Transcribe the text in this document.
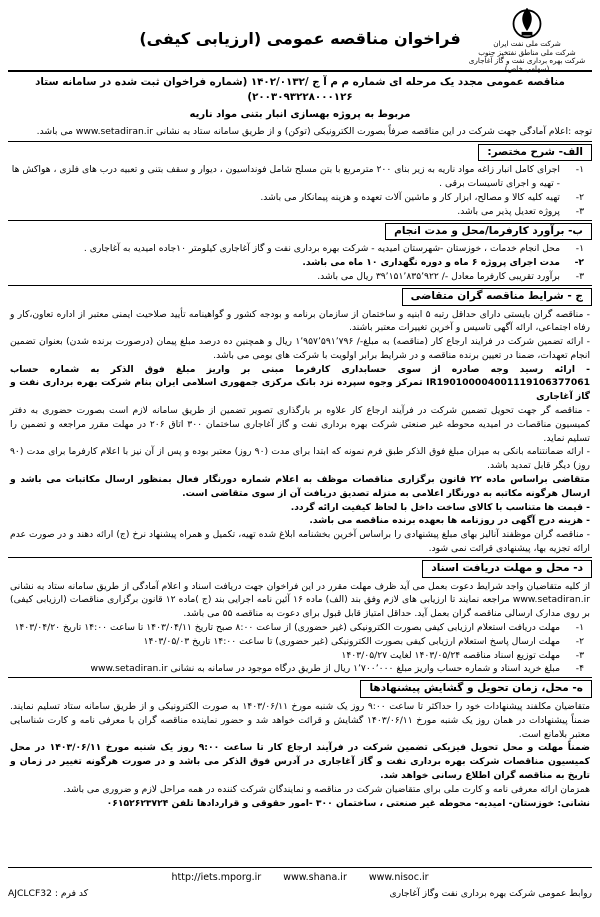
شرکت ملی نفت ایران
شرکت ملی مناطق نفتخیز جنوب
شرکت بهره برداری نفت و گاز آغاجاری (سهامی خاص)
فراخوان مناقصه عمومی (ارزیابی کیفی)
مناقصه عمومی مجدد یک مرحله ای شماره م م آ ج /۱۴۰۲/۰۱۳۲ (شماره فراخوان ثبت شده در سامانه ستاد ۲۰۰۳۰۹۳۲۲۸۰۰۰۱۲۶)
مربوط به پروژه بهسازی انبار بتنی مواد ناریه
توجه :اعلام آمادگی جهت شرکت در این مناقصه صرفاً بصورت الکترونیکی (توکن) و از طریق سامانه ستاد به نشانی www.setadiran.ir می باشد.
الف- شرح مختصر:
۱-
اجرای کامل انبار زاغه مواد ناریه به زیر بنای ۲۰۰ مترمربع با بتن مسلح شامل فونداسیون ، دیوار و سقف بتنی و تعبیه درب های فلزی ، هواکش ها - تهیه و اجرای تاسیسات برقی .
۲-
تهیه کلیه کالا و مصالح، ابزار کار و ماشین آلات تعهده و هزینه پیمانکار می باشد.
۳-
پروژه تعدیل پذیر می باشد.
ب- برآورد کارفرما/محل و مدت انجام
۱-
محل انجام خدمات ، خوزستان -شهرستان امیدیه - شرکت بهره برداری نفت و گاز آغاجاری کیلومتر ۱۰جاده امیدیه به آغاجاری .
۲-
مدت اجرای پروژه ۶ ماه و دوره نگهداری ۱۰ ماه می باشد.
۳-
برآورد تقریبی کارفرما معادل -/ ۳۹٬۱۵۱٬۸۳۵٬۹۲۲ ریال می باشد.
ج - شرایط مناقصه گران متقاضی
- مناقصه گران بایستی دارای حداقل رتبه ۵ ابنیه و ساختمان از سازمان برنامه و بودجه کشور و گواهینامه تأیید صلاحیت ایمنی معتبر از اداره تعاون،کار و رفاه اجتماعی، ارائه آگهی تاسیس و آخرین تغییرات معتبر باشند.
- ارائه تضمین شرکت در فرایند ارجاع کار (مناقصه) به مبلغ-/ ۱٬۹۵۷٬۵۹۱٬۷۹۶ ریال و همچنین ده درصد مبلغ پیمان (درصورت برنده شدن) بعنوان تضمین انجام تعهدات، ضمنا در تعیین برنده مناقصه و در شرایط برابر اولویت با شرکت های بومی می باشد.
- ارائه رسید وجه صادره از سوی حسابداری کارفرما مبنی بر واریز مبلغ فوق الذکر به شماره حساب IR190100004001119106377061 تمرکز وجوه سپرده نزد بانک مرکزی جمهوری اسلامی ایران بنام شرکت بهره برداری نفت و گاز آغاجاری
- مناقصه گر جهت تحویل تضمین شرکت در فرآیند ارجاع کار علاوه بر بارگذاری تصویر تضمین از طریق سامانه لازم است بصورت حضوری به دفتر کمیسیون مناقصات در امیدیه محوطه غیر صنعتی شرکت بهره برداری نفت و گاز آغاجاری ساختمان ۳۰۰ اتاق ۲۰۶ در مهلت مقرر مراجعه و تضمین را تسلیم نماید.
- ارائه ضمانتنامه بانکی به میزان مبلغ فوق الذکر طبق فرم نمونه که ابتدا برای مدت (۹۰ روز) معتبر بوده و پس از آن نیز با اعلام کارفرما برای مدت (۹۰ روز) دیگر قابل تمدید باشد.
متقاضی براساس ماده ۲۲ قانون برگزاری مناقصات موظف به اعلام شماره دورنگار فعال بمنظور ارسال مکاتبات می باشد و ارسال هرگونه مکاتبه به دورنگار اعلامی به منزله تصدیق دریافت آن از سوی متقاضی است.
- قیمت ها متناسب با کالای ساخت داخل با لحاظ کیفیت ارائه گردد.
- هزینه درج آگهی در روزنامه ها بعهده برنده مناقصه می باشد.
- مناقصه گران موظفند آنالیز بهای مبلغ پیشنهادی را براساس آخرین بخشنامه ابلاغ شده تهیه، تکمیل و همراه پیشنهاد نرخ (ج) ارائه دهند و در صورت عدم ارائه تجزیه بها، پیشنهادی قرائت نمی شود.
د- محل و مهلت دریافت اسناد
از کلیه متقاضیان واجد شرایط دعوت بعمل می آید ظرف مهلت مقرر در این فراخوان جهت دریافت اسناد و اعلام آمادگی از طریق سامانه ستاد به نشانی www.setadiran.ir مراجعه نمایند تا ارزیابی های لازم وفق بند (الف) ماده ۱۶ آئین نامه اجرایی بند (ج )ماده ۱۲ قانون برگزاری مناقصات (ارزیابی کیفی) بر روی مدارک ارسالی مناقصه گران بعمل آید. حداقل امتیاز قابل قبول برای دعوت به مناقصه ۵۵ می باشد.
۱-
مهلت دریافت استعلام ارزیابی کیفی بصورت الکترونیکی (غیر حضوری) از ساعت ۸:۰۰ صبح تاریخ ۱۴۰۳/۰۴/۱۱ تا ساعت ۱۴:۰۰ تاریخ ۱۴۰۳/۰۴/۲۰
۲-
مهلت ارسال پاسخ استعلام ارزیابی کیفی بصورت الکترونیکی (غیر حضوری) تا ساعت ۱۴:۰۰ تاریخ ۱۴۰۳/۰۵/۰۳
۳-
مهلت توزیع اسناد مناقصه ۱۴۰۳/۰۵/۲۴ لغایت ۱۴۰۳/۰۵/۲۷
۴-
مبلغ خرید اسناد و شماره حساب واریز مبلغ ۱٬۷۰۰٬۰۰۰ ریال از طریق درگاه موجود در سامانه به نشانی www.setadiran.ir
ه- محل، زمان تحویل و گشایش پیشنهادها
متقاضیان مکلفند پیشنهادات خود را حداکثر تا ساعت ۹:۰۰ روز یک شنبه مورخ ۱۴۰۳/۰۶/۱۱ به صورت الکترونیکی و از طریق سامانه ستاد تسلیم نمایند. ضمناً پیشنهادات در همان روز یک شنبه مورخ ۱۴۰۳/۰۶/۱۱ گشایش و قرائت خواهد شد و حضور نماینده مناقصه گران با معرفی نامه و کارت شناسایی معتبر بلامانع است.
ضمناً مهلت و محل تحویل فیزیکی تضمین شرکت در فرآیند ارجاع کار تا ساعت ۹:۰۰ روز یک شنبه مورخ ۱۴۰۳/۰۶/۱۱ در محل کمیسیون مناقصات شرکت بهره برداری نفت و گاز آغاجاری در آدرس فوق الذکر می باشد و در صورت هرگونه تغییر در زمان و تاریخ به مناقصه گران اطلاع رسانی خواهد شد.
همزمان ارائه معرفی نامه و کارت ملی برای متقاضیان شرکت در مناقصه و نمایندگان شرکت کننده در همه مراحل لازم و ضروری می باشد.
نشانی: خوزستان- امیدیه- محوطه غیر صنعتی ، ساختمان ۳۰۰ -امور حقوقی و قراردادها تلفن ۰۶۱۵۲۶۲۳۷۲۴
http://iets.mporg.ir www.shana.ir www.nisoc.ir
روابط عمومی شرکت بهره برداری نفت وگاز آغاجاری
کد فرم : AJCLCF32
